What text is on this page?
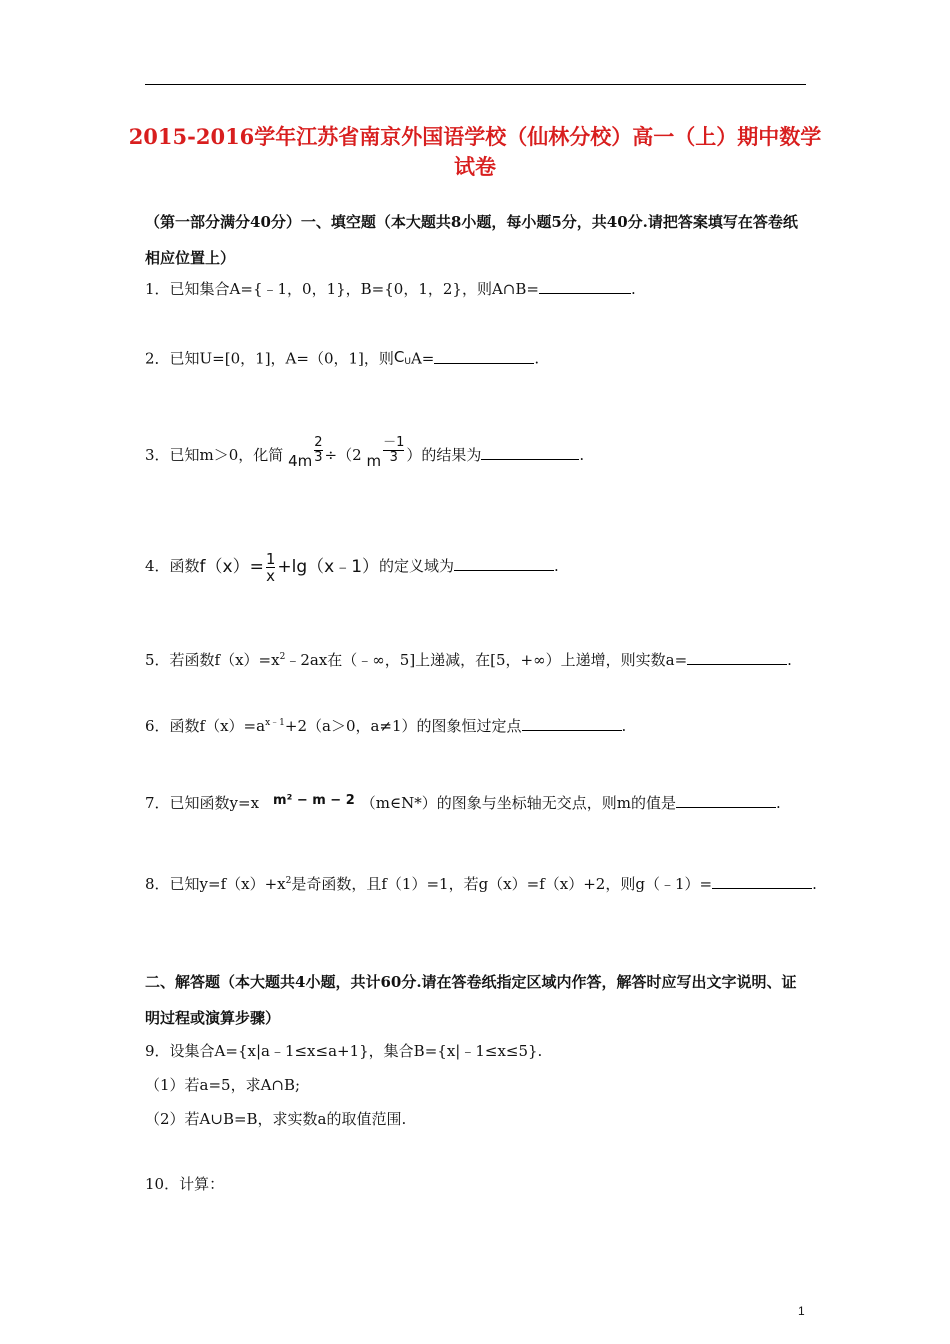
2015-2016学年江苏省南京外国语学校（仙林分校）高一（上）期中数学试卷
（第一部分满分40分）一、填空题（本大题共8小题，每小题5分，共40分.请把答案填写在答卷纸相应位置上）
1．已知集合A={﹣1，0，1}，B={0，1，2}，则A∩B=	.
2．已知U=[0，1]，A=（0，1]，则$C_UA=$	.
3．已知m＞0，化简 $4m \frac{2}{3} \div(2$ m $\frac{-1}{3}$ ）的结果为	.
4．函数$f(x)= \frac{1}{x}$ +lg（x﹣1）的定义域为	.
5．若函数$f(x)=x^2﹣2ax$在（﹣∞，5]上递减，在[5，+∞）上递增，则实数a=	.
6．函数$f(x)=a^{x﹣1}+2(a>0$，a≠1）的图象恒过定点	.
7．已知函数y=x m² − m − 2 （m∈N*）的图象与坐标轴无交点，则m的值是	.
8．已知$y=f(x)+x^2$是奇函数，且f（1）=1，若g（x）=f（x）+2，则g（﹣1）=	.
二、解答题（本大题共4小题，共计60分.请在答卷纸指定区域内作答，解答时应写出文字说明、证明过程或演算步骤）
9．设集合A={x|a﹣1≤x≤a+1}，集合B={x|﹣1≤x≤5}.
（1）若a=5，求A∩B;
（2）若A∪B=B，求实数a的取值范围.
10．计算：
1
